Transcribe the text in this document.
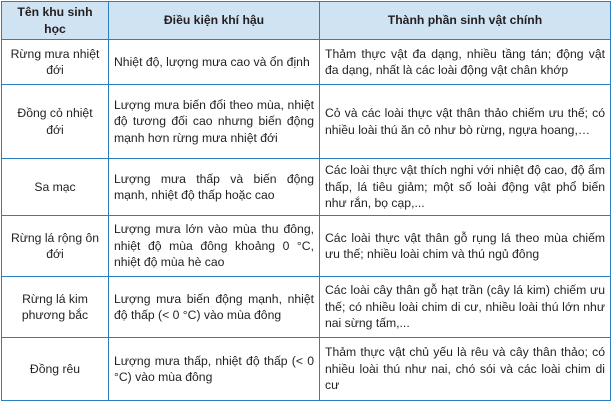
Tên khu sinh học	Điều kiện khí hậu	Thành phần sinh vật chính
Rừng mưa nhiệt đới	Nhiệt độ, lượng mưa cao và ổn định	Thảm thực vật đa dạng, nhiều tầng tán; động vật đa dạng, nhất là các loài động vật chân khớp
Đồng cỏ nhiệt đới	Lượng mưa biến đổi theo mùa, nhiệt độ tương đối cao nhưng biến động mạnh hơn rừng mưa nhiệt đới	Cỏ và các loài thực vật thân thảo chiếm ưu thế; có nhiều loài thú ăn cỏ như bò rừng, ngựa hoang,…
Sa mạc	Lượng mưa thấp và biến động mạnh, nhiệt độ thấp hoặc cao	Các loài thực vật thích nghi với nhiệt độ cao, độ ẩm thấp, lá tiêu giảm; một số loài động vật phổ biến như rắn, bọ cạp,...
Rừng lá rộng ôn đới	Lượng mưa lớn vào mùa thu đông, nhiệt độ mùa đông khoảng 0 °C, nhiệt độ mùa hè cao	Các loài thực vật thân gỗ rụng lá theo mùa chiếm ưu thế; nhiều loài chim và thú ngủ đông
Rừng lá kim phương bắc	Lượng mưa biến động mạnh, nhiệt độ thấp (< 0 °C) vào mùa đông	Các loài cây thân gỗ hạt trần (cây lá kim) chiếm ưu thế; có nhiều loài chim di cư, nhiều loài thú lớn như nai sừng tấm,...
Đồng rêu	Lượng mưa thấp, nhiệt độ thấp (< 0 °C) vào mùa đông	Thảm thực vật chủ yếu là rêu và cây thân thảo; có nhiều loài thú như nai, chó sói và các loài chim di cư
